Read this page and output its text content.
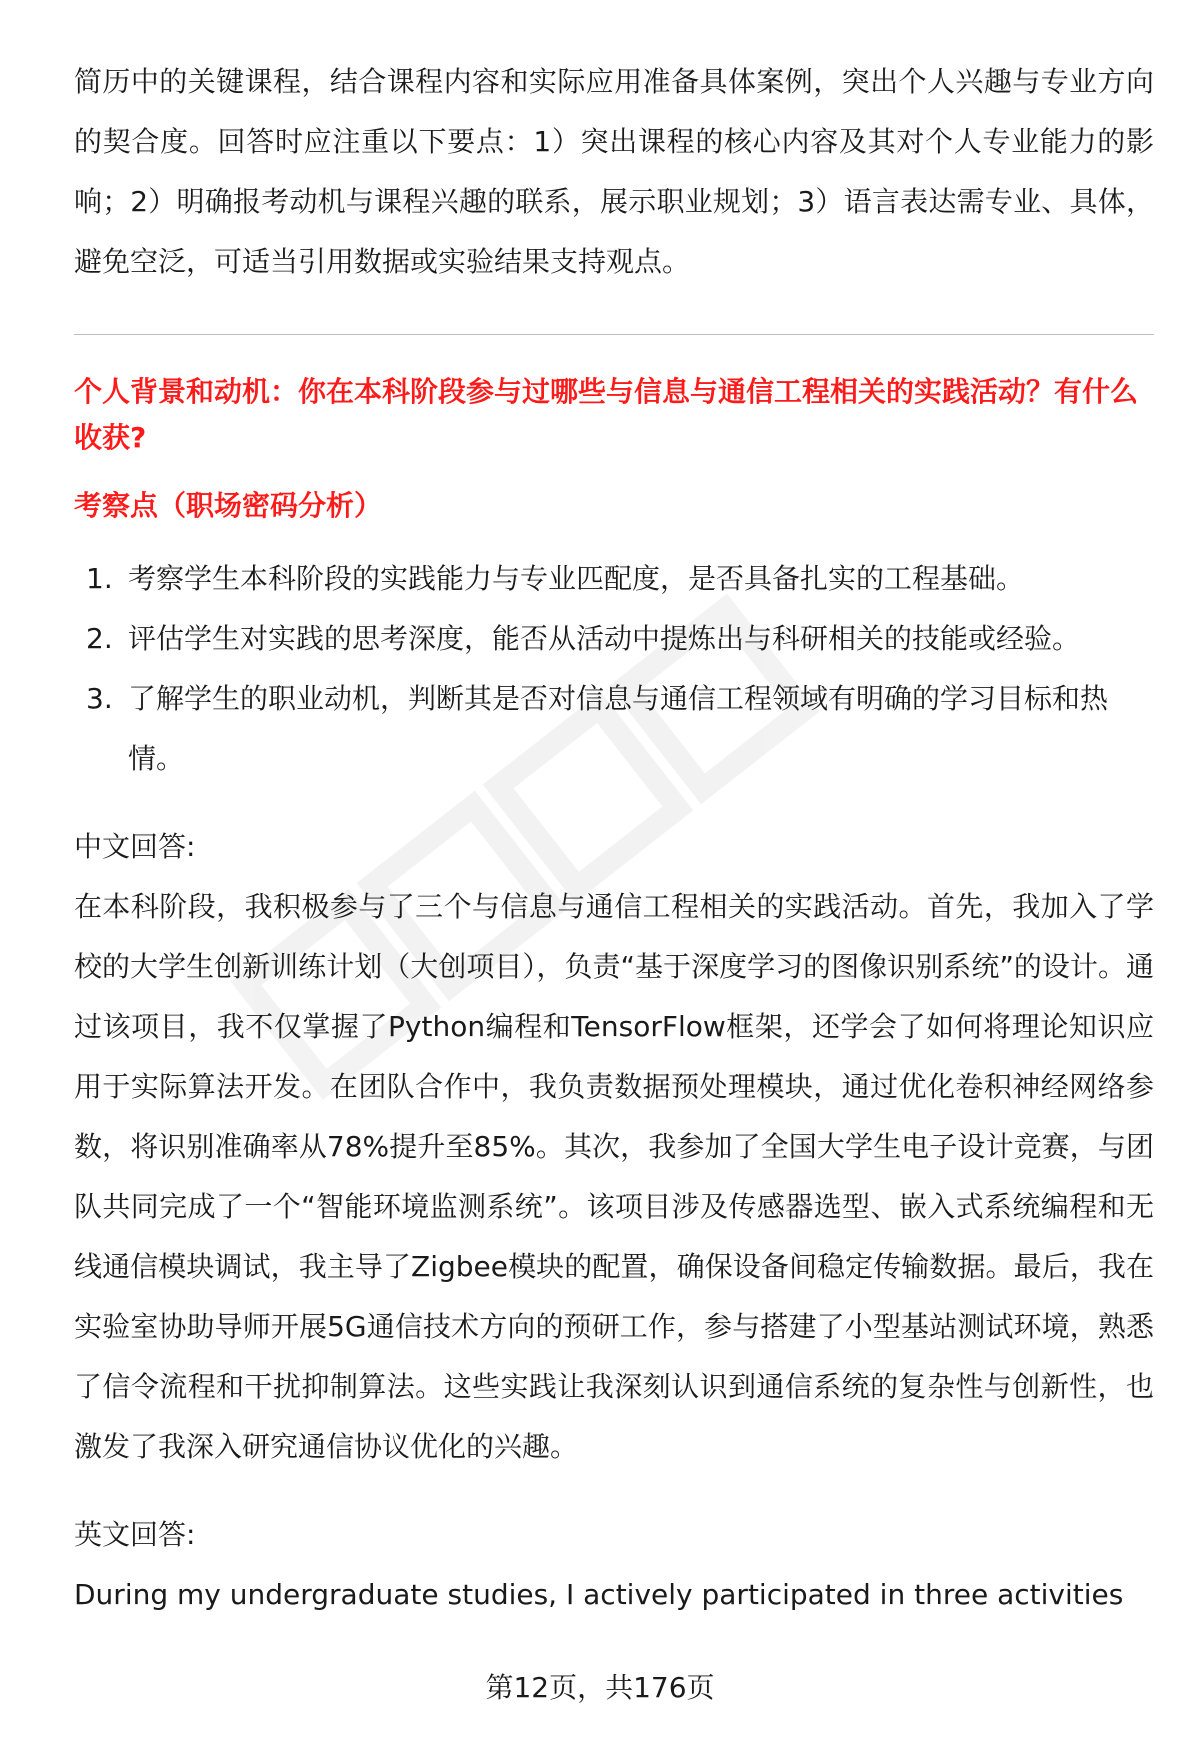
简历中的关键课程，结合课程内容和实际应用准备具体案例，突出个人兴趣与专业方向的契合度。回答时应注重以下要点：1）突出课程的核心内容及其对个人专业能力的影响；2）明确报考动机与课程兴趣的联系，展示职业规划；3）语言表达需专业、具体，避免空泛，可适当引用数据或实验结果支持观点。

个人背景和动机：你在本科阶段参与过哪些与信息与通信工程相关的实践活动？有什么收获?

考察点（职场密码分析）

1. 考察学生本科阶段的实践能力与专业匹配度，是否具备扎实的工程基础。
2. 评估学生对实践的思考深度，能否从活动中提炼出与科研相关的技能或经验。
3. 了解学生的职业动机，判断其是否对信息与通信工程领域有明确的学习目标和热情。

中文回答:

在本科阶段，我积极参与了三个与信息与通信工程相关的实践活动。首先，我加入了学校的大学生创新训练计划（大创项目），负责“基于深度学习的图像识别系统”的设计。通过该项目，我不仅掌握了Python编程和TensorFlow框架，还学会了如何将理论知识应用于实际算法开发。在团队合作中，我负责数据预处理模块，通过优化卷积神经网络参数，将识别准确率从78%提升至85%。其次，我参加了全国大学生电子设计竞赛，与团队共同完成了一个“智能环境监测系统”。该项目涉及传感器选型、嵌入式系统编程和无线通信模块调试，我主导了Zigbee模块的配置，确保设备间稳定传输数据。最后，我在实验室协助导师开展5G通信技术方向的预研工作，参与搭建了小型基站测试环境，熟悉了信令流程和干扰抑制算法。这些实践让我深刻认识到通信系统的复杂性与创新性，也激发了我深入研究通信协议优化的兴趣。

英文回答:

During my undergraduate studies, I actively participated in three activities

第12页，共176页
